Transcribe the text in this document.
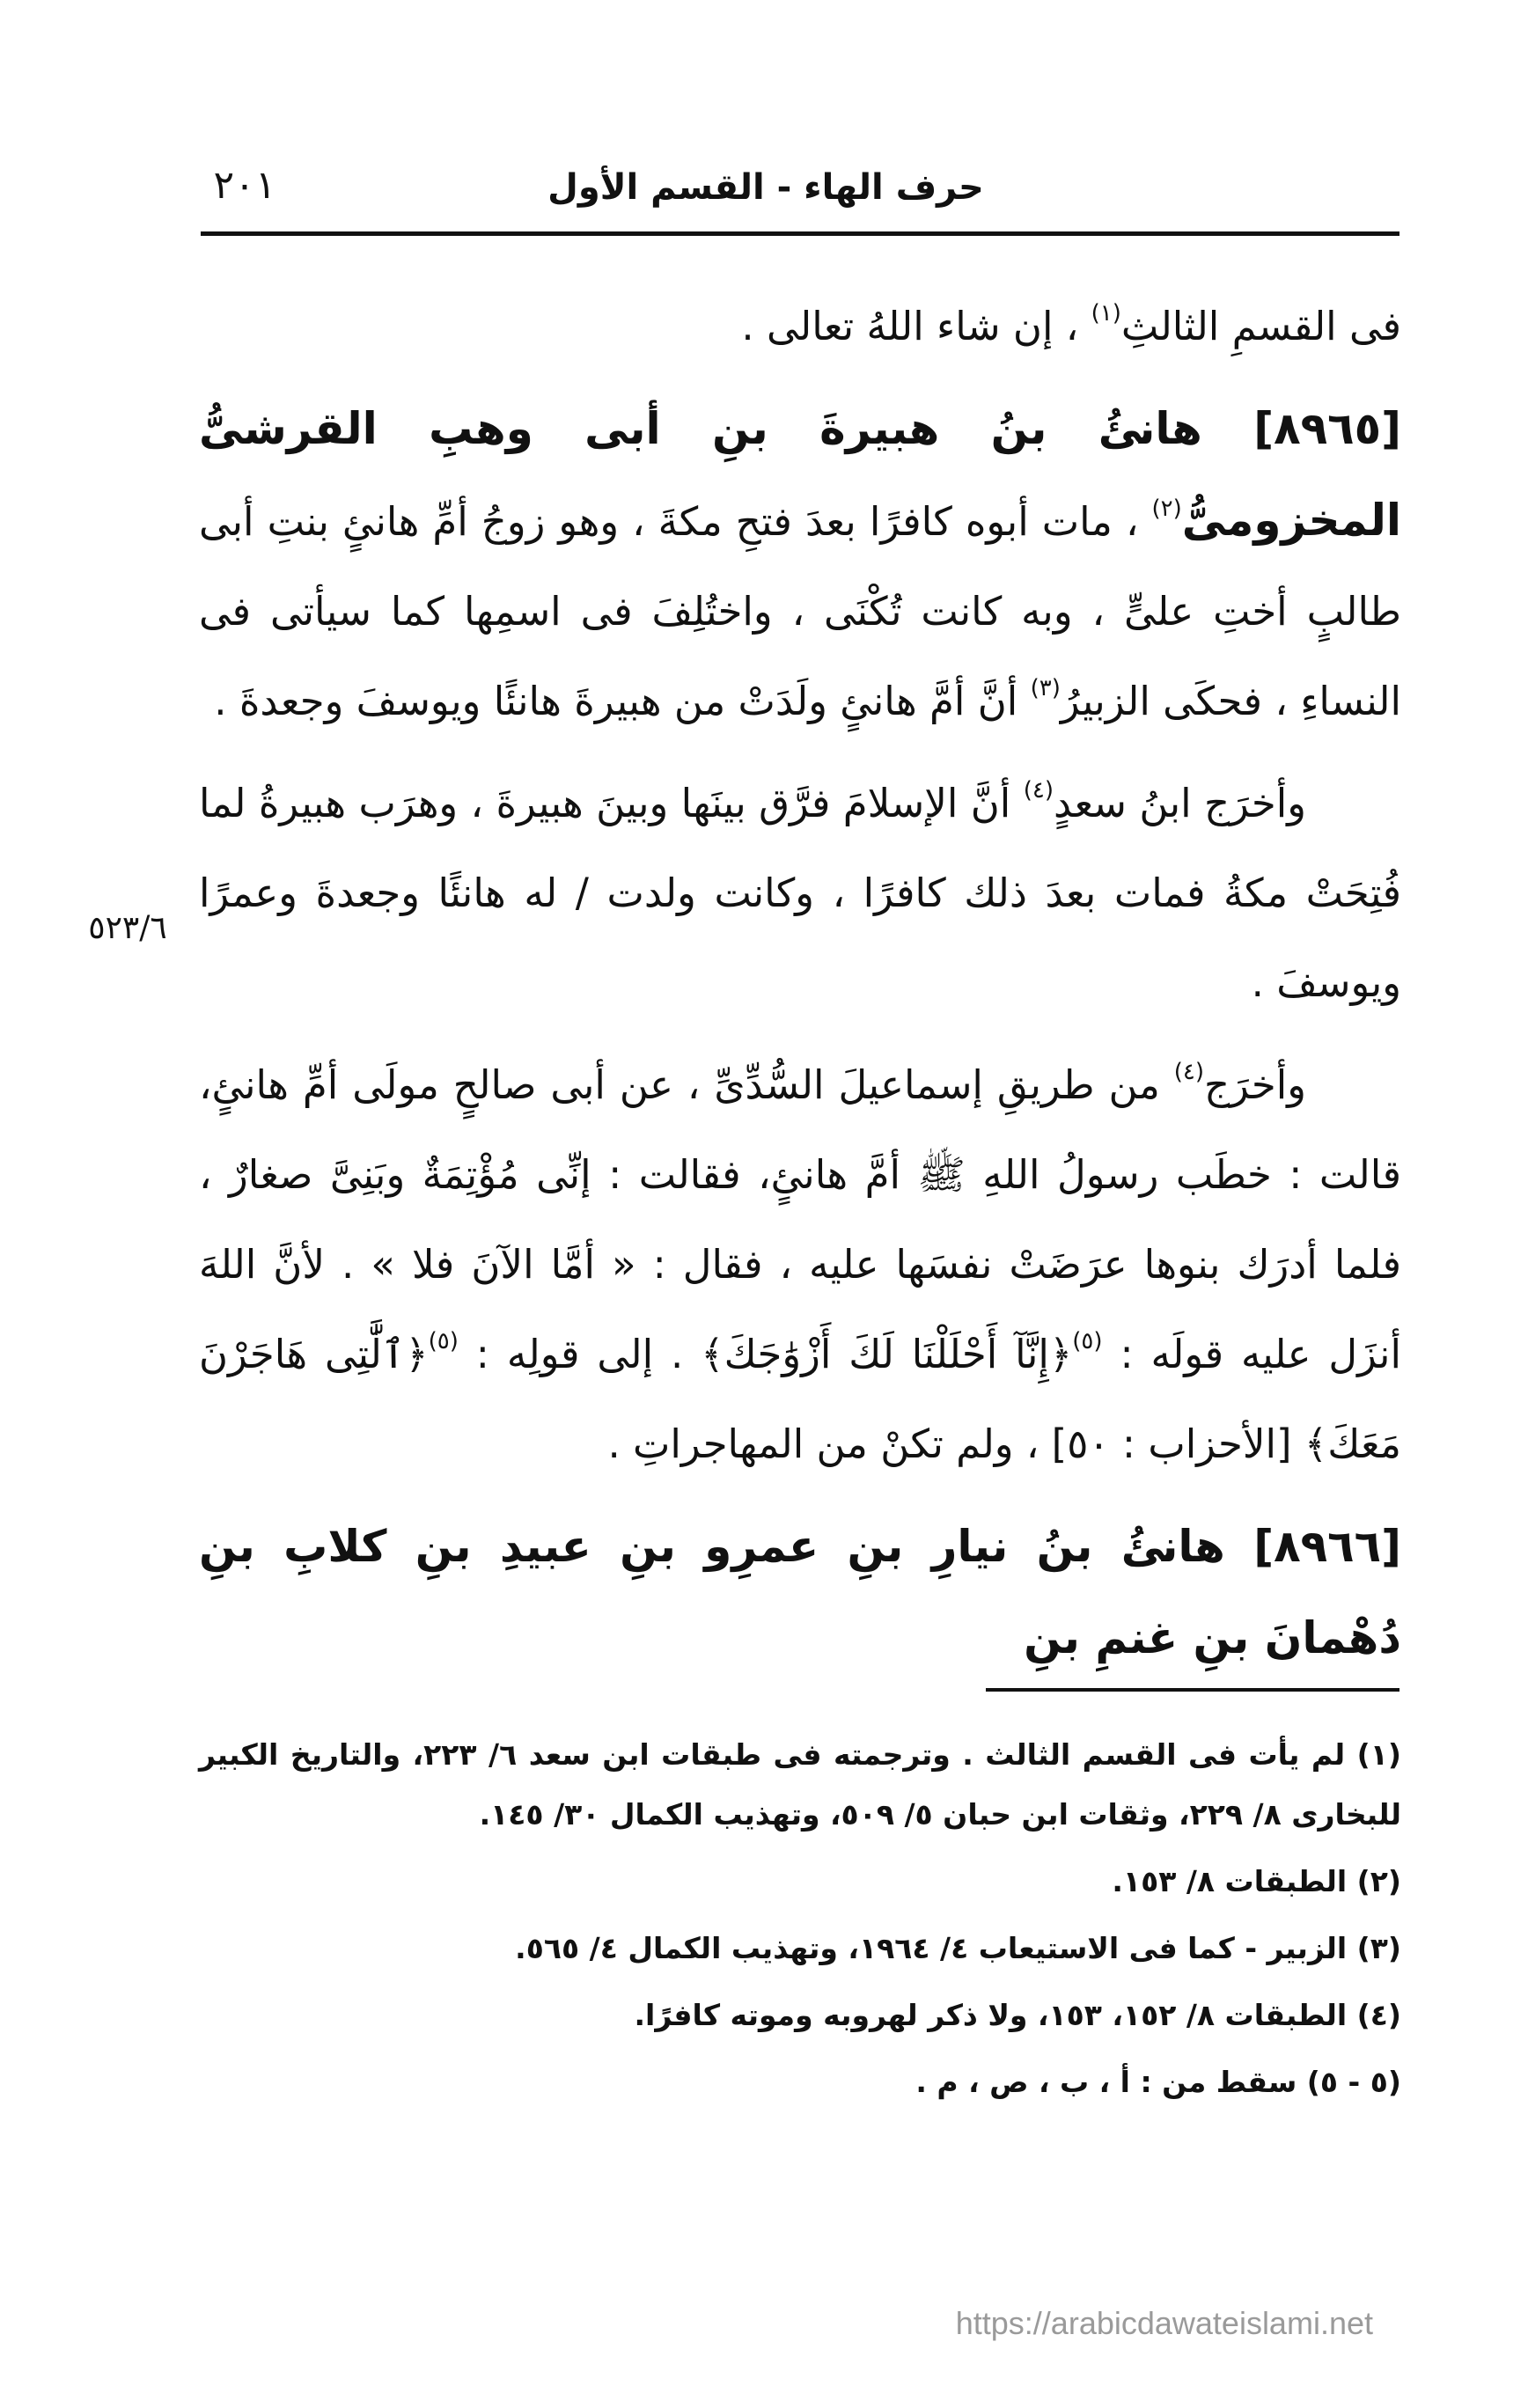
حرف الهاء - القسم الأول
٢٠١

فى القسمِ الثالثِ$^{(١)}$ ، إن شاء اللهُ تعالى .

[٨٩٦٥] هانئُ بنُ هبيرةَ بنِ أبى وهبِ القرشىُّ المخزومىُّ$^{(٢)}$ ، مات أبوه كافرًا بعدَ فتحِ مكةَ ، وهو زوجُ أمِّ هانئٍ بنتِ أبى طالبٍ أختِ علىٍّ ، وبه كانت تُكْنَى ، واختُلِفَ فى اسمِها كما سيأتى فى النساءِ ، فحكَى الزبيرُ$^{(٣)}$ أنَّ أمَّ هانئٍ ولَدَتْ من هبيرةَ هانئًا ويوسفَ وجعدةَ .

وأخرَج ابنُ سعدٍ$^{(٤)}$ أنَّ الإسلامَ فرَّق بينَها وبينَ هبيرةَ ، وهرَب هبيرةُ لما فُتِحَتْ مكةُ فمات بعدَ ذلك كافرًا ، وكانت ولدت / له هانئًا وجعدةَ وعمرًا ويوسفَ .

وأخرَج$^{(٤)}$ من طريقِ إسماعيلَ السُّدِّىِّ ، عن أبى صالحٍ مولَى أمِّ هانئٍ، قالت : خطَب رسولُ اللهِ ﷺ أمَّ هانئٍ، فقالت : إنِّى مُؤْتِمَةٌ وبَنِىَّ صغارٌ ، فلما أدرَك بنوها عرَضَتْ نفسَها عليه ، فقال : « أمَّا الآنَ فلا » . لأنَّ اللهَ أنزَل عليه قولَه : $^{(٥)}$﴿إِنَّآ أَحْلَلْنَا لَكَ أَزْوَٰجَكَ﴾ . إلى قولِه : $^{(٥)}$﴿ٱلَّٰتِى هَاجَرْنَ مَعَكَ﴾ [الأحزاب : ٥٠] ، ولم تكنْ من المهاجراتِ .

[٨٩٦٦] هانئُ بنُ نيارِ بنِ عمرِو بنِ عبيدِ بنِ كلابِ بنِ دُهْمانَ بنِ غنمِ بنِ

٥٢٣/٦

(١) لم يأت فى القسم الثالث . وترجمته فى طبقات ابن سعد ٦/ ٢٢٣، والتاريخ الكبير للبخارى ٨/ ٢٢٩، وثقات ابن حبان ٥/ ٥٠٩، وتهذيب الكمال ٣٠/ ١٤٥.

(٢) الطبقات ٨/ ١٥٣.

(٣) الزبير - كما فى الاستيعاب ٤/ ١٩٦٤، وتهذيب الكمال ٤/ ٥٦٥.

(٤) الطبقات ٨/ ١٥٢، ١٥٣، ولا ذكر لهروبه وموته كافرًا.

(٥ - ٥) سقط من : أ ، ب ، ص ، م .

https://arabicdawateislami.net
